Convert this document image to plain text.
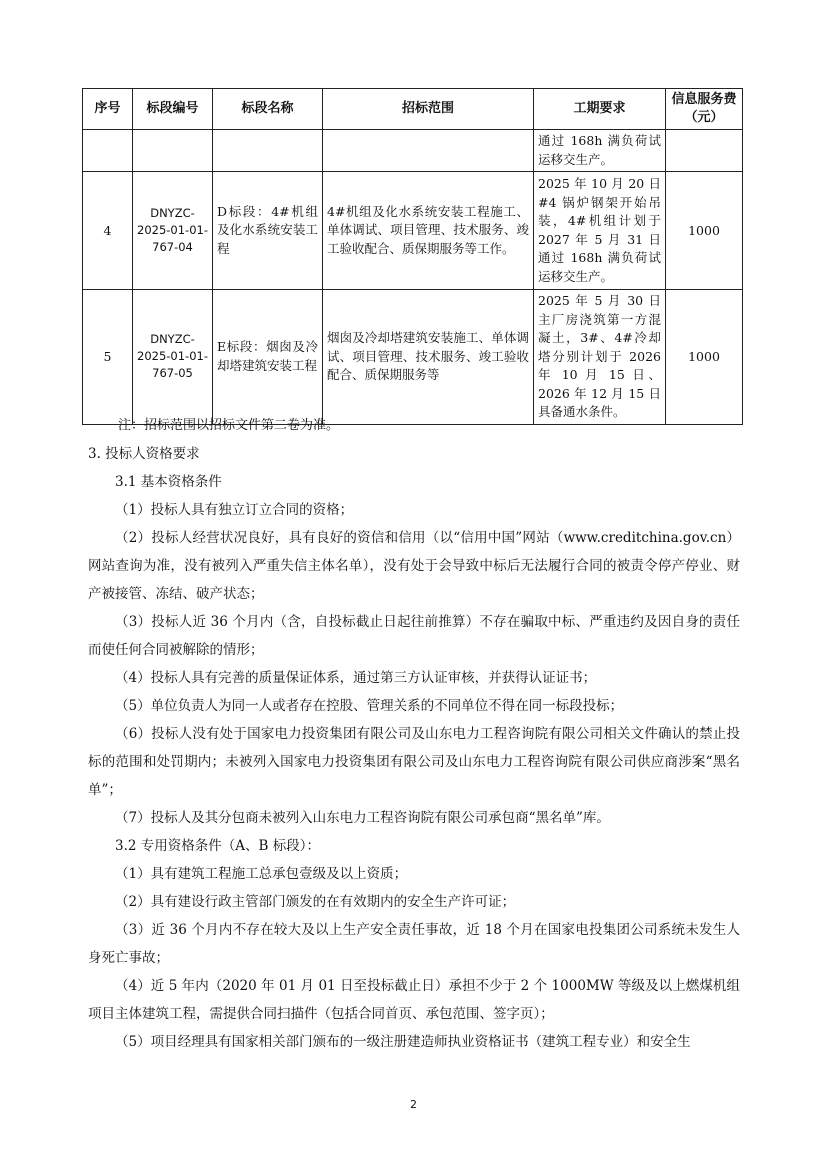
序号	标段编号	标段名称	招标范围	工期要求	信息服务费（元）
				通过 168h 满负荷试运移交生产。	
4	DNYZC-2025-01-01-767-04	D标段：4#机组及化水系统安装工程	4#机组及化水系统安装工程施工、单体调试、项目管理、技术服务、竣工验收配合、质保期服务等工作。	2025 年 10 月 20 日#4 锅炉钢架开始吊装，4#机组计划于 2027 年 5 月 31 日通过 168h 满负荷试运移交生产。	1000
5	DNYZC-2025-01-01-767-05	E标段：烟囱及冷却塔建筑安装工程	烟囱及冷却塔建筑安装施工、单体调试、项目管理、技术服务、竣工验收配合、质保期服务等	2025 年 5 月 30 日主厂房浇筑第一方混凝土，3#、4#冷却塔分别计划于 2026 年 10 月 15 日、2026 年 12 月 15 日具备通水条件。	1000

注：招标范围以招标文件第二卷为准。

3. 投标人资格要求

3.1 基本资格条件

（1）投标人具有独立订立合同的资格；

（2）投标人经营状况良好，具有良好的资信和信用（以“信用中国”网站（www.creditchina.gov.cn）网站查询为准，没有被列入严重失信主体名单），没有处于会导致中标后无法履行合同的被责令停产停业、财产被接管、冻结、破产状态；

（3）投标人近 36 个月内（含，自投标截止日起往前推算）不存在骗取中标、严重违约及因自身的责任而使任何合同被解除的情形；

（4）投标人具有完善的质量保证体系，通过第三方认证审核，并获得认证证书；

（5）单位负责人为同一人或者存在控股、管理关系的不同单位不得在同一标段投标；

（6）投标人没有处于国家电力投资集团有限公司及山东电力工程咨询院有限公司相关文件确认的禁止投标的范围和处罚期内；未被列入国家电力投资集团有限公司及山东电力工程咨询院有限公司供应商涉案“黑名单”；

（7）投标人及其分包商未被列入山东电力工程咨询院有限公司承包商“黑名单”库。

3.2 专用资格条件（A、B 标段）：

（1）具有建筑工程施工总承包壹级及以上资质；

（2）具有建设行政主管部门颁发的在有效期内的安全生产许可证；

（3）近 36 个月内不存在较大及以上生产安全责任事故，近 18 个月在国家电投集团公司系统未发生人身死亡事故；

（4）近 5 年内（2020 年 01 月 01 日至投标截止日）承担不少于 2 个 1000MW 等级及以上燃煤机组项目主体建筑工程，需提供合同扫描件（包括合同首页、承包范围、签字页）；

（5）项目经理具有国家相关部门颁布的一级注册建造师执业资格证书（建筑工程专业）和安全生

2
